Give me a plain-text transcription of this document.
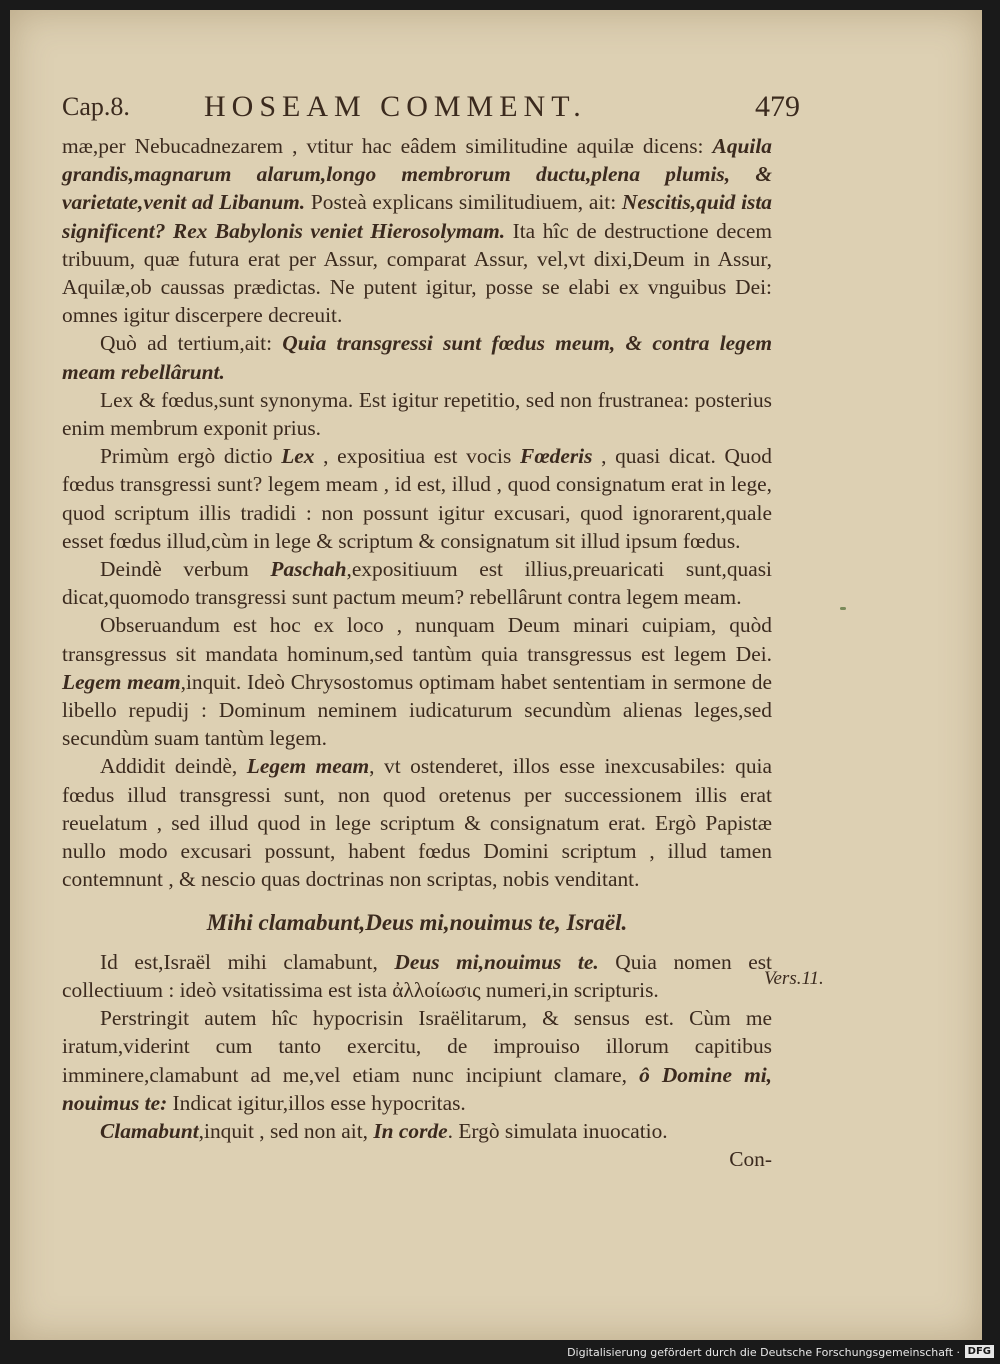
Cap.8. HOSEAM COMMENT.	479

mæ,per Nebucadnezarem , vtitur hac eâdem similitudine aquilæ dicens: Aquila grandis,magnarum alarum,longo membrorum ductu,plena plumis, & varietate,venit ad Libanum. Posteà explicans similitudiuem, ait: Nescitis,quid ista significent? Rex Babylonis veniet Hierosolymam. Ita hîc de destructione decem tribuum, quæ futura erat per Assur, comparat Assur, vel,vt dixi,Deum in Assur, Aquilæ,ob caussas prædictas. Ne putent igitur, posse se elabi ex vnguibus Dei: omnes igitur discerpere decreuit.

Quò ad tertium,ait: Quia transgressi sunt fœdus meum, & contra legem meam rebellârunt.

Lex & fœdus,sunt synonyma. Est igitur repetitio, sed non frustranea: posterius enim membrum exponit prius.

Primùm ergò dictio Lex , expositiua est vocis Fœderis , quasi dicat. Quod fœdus transgressi sunt? legem meam , id est, illud , quod consignatum erat in lege, quod scriptum illis tradidi : non possunt igitur excusari, quod ignorarent,quale esset fœdus illud,cùm in lege & scriptum & consignatum sit illud ipsum fœdus.

Deindè verbum Paschah,expositiuum est illius,preuaricati sunt,quasi dicat,quomodo transgressi sunt pactum meum? rebellârunt contra legem meam.

Obseruandum est hoc ex loco , nunquam Deum minari cuipiam, quòd transgressus sit mandata hominum,sed tantùm quia transgressus est legem Dei. Legem meam,inquit. Ideò Chrysostomus optimam habet sententiam in sermone de libello repudij : Dominum neminem iudicaturum secundùm alienas leges,sed secundùm suam tantùm legem.

Addidit deindè, Legem meam, vt ostenderet, illos esse inexcusabiles: quia fœdus illud transgressi sunt, non quod oretenus per successionem illis erat reuelatum , sed illud quod in lege scriptum & consignatum erat. Ergò Papistæ nullo modo excusari possunt, habent fœdus Domini scriptum , illud tamen contemnunt , & nescio quas doctrinas non scriptas, nobis venditant.

Mihi clamabunt,Deus mi,nouimus te, Israël.

Id est,Israël mihi clamabunt, Deus mi,nouimus te. Quia nomen est collectiuum : ideò vsitatissima est ista ἀλλοίωσις numeri,in scripturis.

Perstringit autem hîc hypocrisin Israëlitarum, & sensus est. Cùm me iratum,viderint cum tanto exercitu, de improuiso illorum capitibus imminere,clamabunt ad me,vel etiam nunc incipiunt clamare, ô Domine mi, nouimus te: Indicat igitur,illos esse hypocritas.

Clamabunt,inquit , sed non ait, In corde. Ergò simulata inuocatio.

Con-

Vers.11.
Digitalisierung gefördert durch die Deutsche Forschungsgemeinschaft · DFG
